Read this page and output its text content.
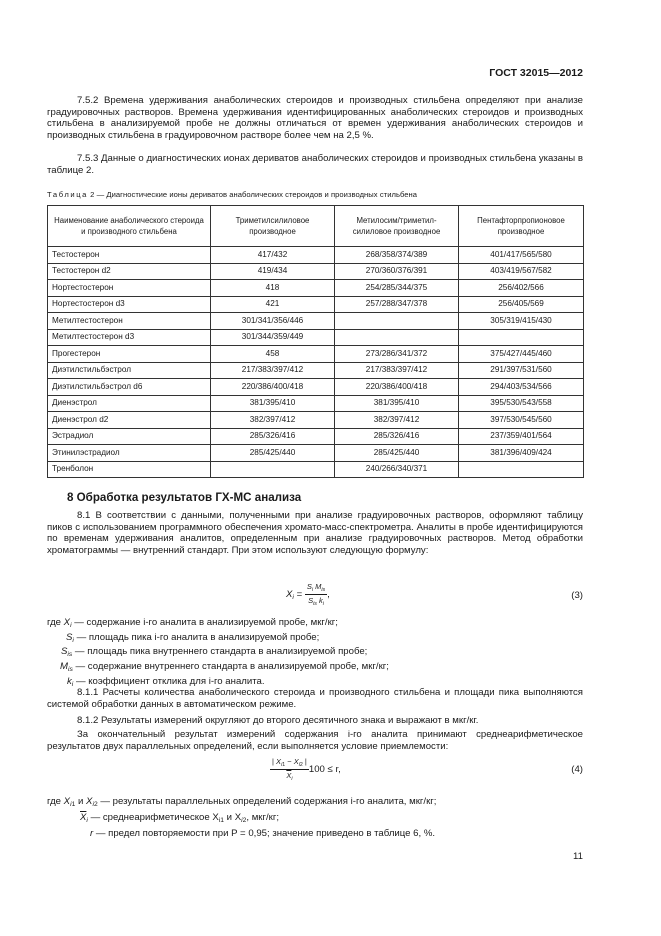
ГОСТ 32015—2012

7.5.2 Времена удерживания анаболических стероидов и производных стильбена определяют при анализе градуировочных растворов. Времена удерживания идентифицированных анаболических стероидов и производных стильбена в анализируемой пробе не должны отличаться от времен удерживания анаболических стероидов и производных стильбена в градуировочном растворе более чем на 2,5 %.

7.5.3 Данные о диагностических ионах дериватов анаболических стероидов и производных стильбена указаны в таблице 2.

Таблица 2 — Диагностические ионы дериватов анаболических стероидов и производных стильбена
Наименование анаболического стероида и производного стильбена	Триметилсилиловое производное	Метилосим/триметил-силиловое производное	Пентафторпропионовое производное
Тестостерон	417/432	268/358/374/389	401/417/565/580
Тестостерон d2	419/434	270/360/376/391	403/419/567/582
Нортестостерон	418	254/285/344/375	256/402/566
Нортестостерон d3	421	257/288/347/378	256/405/569
Метилтестостерон	301/341/356/446		305/319/415/430
Метилтестостерон d3	301/344/359/449		
Прогестерон	458	273/286/341/372	375/427/445/460
Диэтилстильбэстрол	217/383/397/412	217/383/397/412	291/397/531/560
Диэтилстильбэстрол d6	220/386/400/418	220/386/400/418	294/403/534/566
Диенэстрол	381/395/410	381/395/410	395/530/543/558
Диенэстрол d2	382/397/412	382/397/412	397/530/545/560
Эстрадиол	285/326/416	285/326/416	237/359/401/564
Этинилэстрадиол	285/425/440	285/425/440	381/396/409/424
Тренболон		240/266/340/371	
8 Обработка результатов ГХ-МС анализа

8.1 В соответствии с данными, полученными при анализе градуировочных растворов, оформляют таблицу пиков с использованием программного обеспечения хромато-масс-спектрометра. Аналиты в пробе идентифицируются по временам удерживания аналитов, определенным при анализе градуировочных растворов. Метод обработки хроматограммы — внутренний стандарт. При этом используют следующую формулу:

$X_i = \frac{S_i M_{is}}{S_{is} k_i}$ ,	(3)
где $X_i$ — содержание i-го аналита в анализируемой пробе, мкг/кг;
$S_i$ — площадь пика i-го аналита в анализируемой пробе;
$S_{is}$ — площадь пика внутреннего стандарта в анализируемой пробе;
$M_{is}$ — содержание внутреннего стандарта в анализируемой пробе, мкг/кг;
$k_i$ — коэффициент отклика для i-го аналита.

8.1.1 Расчеты количества анаболического стероида и производного стильбена и площади пика выполняются системой обработки данных в автоматическом режиме.

8.1.2 Результаты измерений округляют до второго десятичного знака и выражают в мкг/кг.

За окончательный результат измерений содержания i-го аналита принимают среднеарифметическое результатов двух параллельных определений, если выполняется условие приемлемости:

$\frac{| X_{i1} - X_{i2} |}{\overline{X}_i} 100 \le r$,	(4)
где $X_{i1}$ и $X_{i2}$ — результаты параллельных определений содержания i-го аналита, мкг/кг;
$\overline{X}_i$ — среднеарифметическое $X_{i1}$ и $X_{i2}$, мкг/кг;
r — предел повторяемости при P = 0,95; значение приведено в таблице 6, %.
11
